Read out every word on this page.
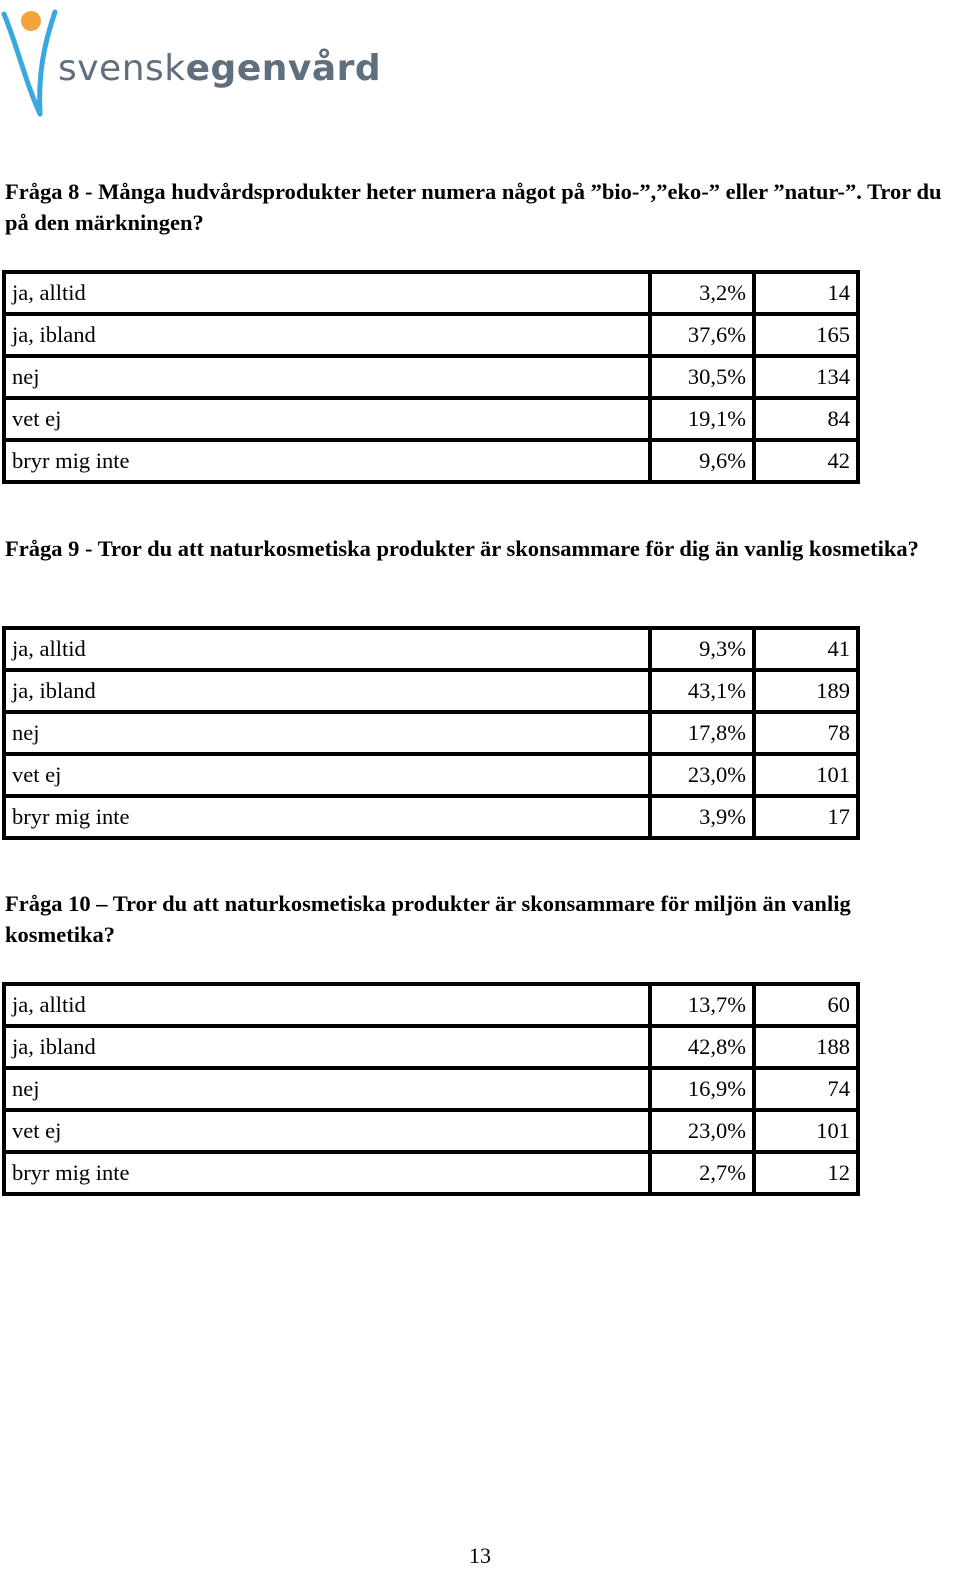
svenskegenvård

Fråga 8 - Många hudvårdsprodukter heter numera något på ”bio-”,”eko-” eller ”natur-”. Tror du på den märkningen?

ja, alltid	3,2%	14
ja, ibland	37,6%	165
nej	30,5%	134
vet ej	19,1%	84
bryr mig inte	9,6%	42

Fråga 9 - Tror du att naturkosmetiska produkter är skonsammare för dig än vanlig kosmetika?

ja, alltid	9,3%	41
ja, ibland	43,1%	189
nej	17,8%	78
vet ej	23,0%	101
bryr mig inte	3,9%	17

Fråga 10 – Tror du att naturkosmetiska produkter är skonsammare för miljön än vanlig kosmetika?

ja, alltid	13,7%	60
ja, ibland	42,8%	188
nej	16,9%	74
vet ej	23,0%	101
bryr mig inte	2,7%	12
13
